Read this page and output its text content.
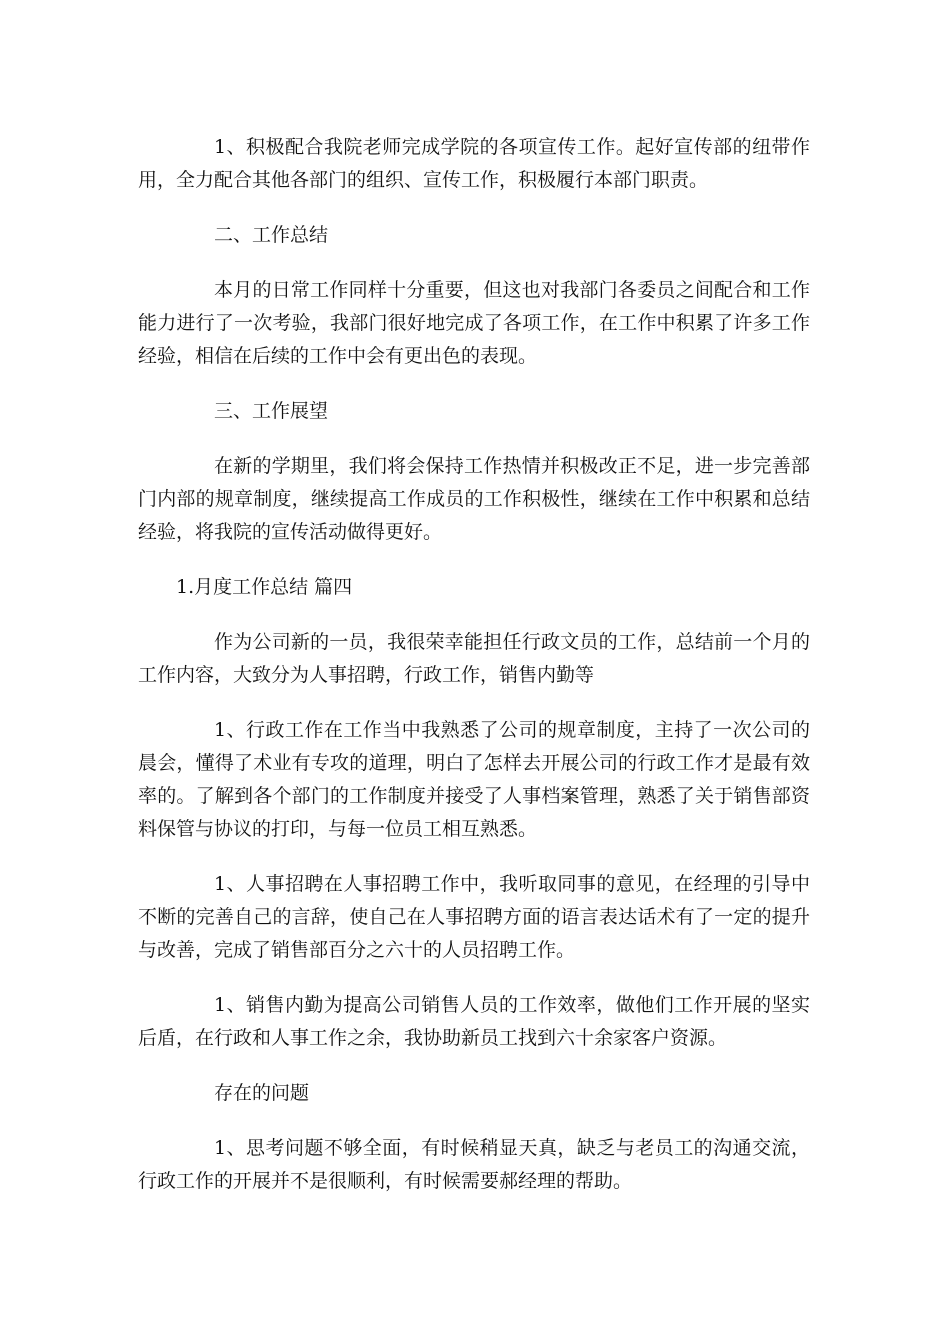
1、积极配合我院老师完成学院的各项宣传工作。起好宣传部的纽带作用，全力配合其他各部门的组织、宣传工作，积极履行本部门职责。

二、工作总结

本月的日常工作同样十分重要，但这也对我部门各委员之间配合和工作能力进行了一次考验，我部门很好地完成了各项工作，在工作中积累了许多工作经验，相信在后续的工作中会有更出色的表现。

三、工作展望

在新的学期里，我们将会保持工作热情并积极改正不足，进一步完善部门内部的规章制度，继续提高工作成员的工作积极性，继续在工作中积累和总结经验，将我院的宣传活动做得更好。

1.月度工作总结 篇四

作为公司新的一员，我很荣幸能担任行政文员的工作，总结前一个月的工作内容，大致分为人事招聘，行政工作，销售内勤等

1、行政工作在工作当中我熟悉了公司的规章制度，主持了一次公司的晨会，懂得了术业有专攻的道理，明白了怎样去开展公司的行政工作才是最有效率的。了解到各个部门的工作制度并接受了人事档案管理，熟悉了关于销售部资料保管与协议的打印，与每一位员工相互熟悉。

1、人事招聘在人事招聘工作中，我听取同事的意见，在经理的引导中不断的完善自己的言辞，使自己在人事招聘方面的语言表达话术有了一定的提升与改善，完成了销售部百分之六十的人员招聘工作。

1、销售内勤为提高公司销售人员的工作效率，做他们工作开展的坚实后盾，在行政和人事工作之余，我协助新员工找到六十余家客户资源。

存在的问题

1、思考问题不够全面，有时候稍显天真，缺乏与老员工的沟通交流，行政工作的开展并不是很顺利，有时候需要郝经理的帮助。
